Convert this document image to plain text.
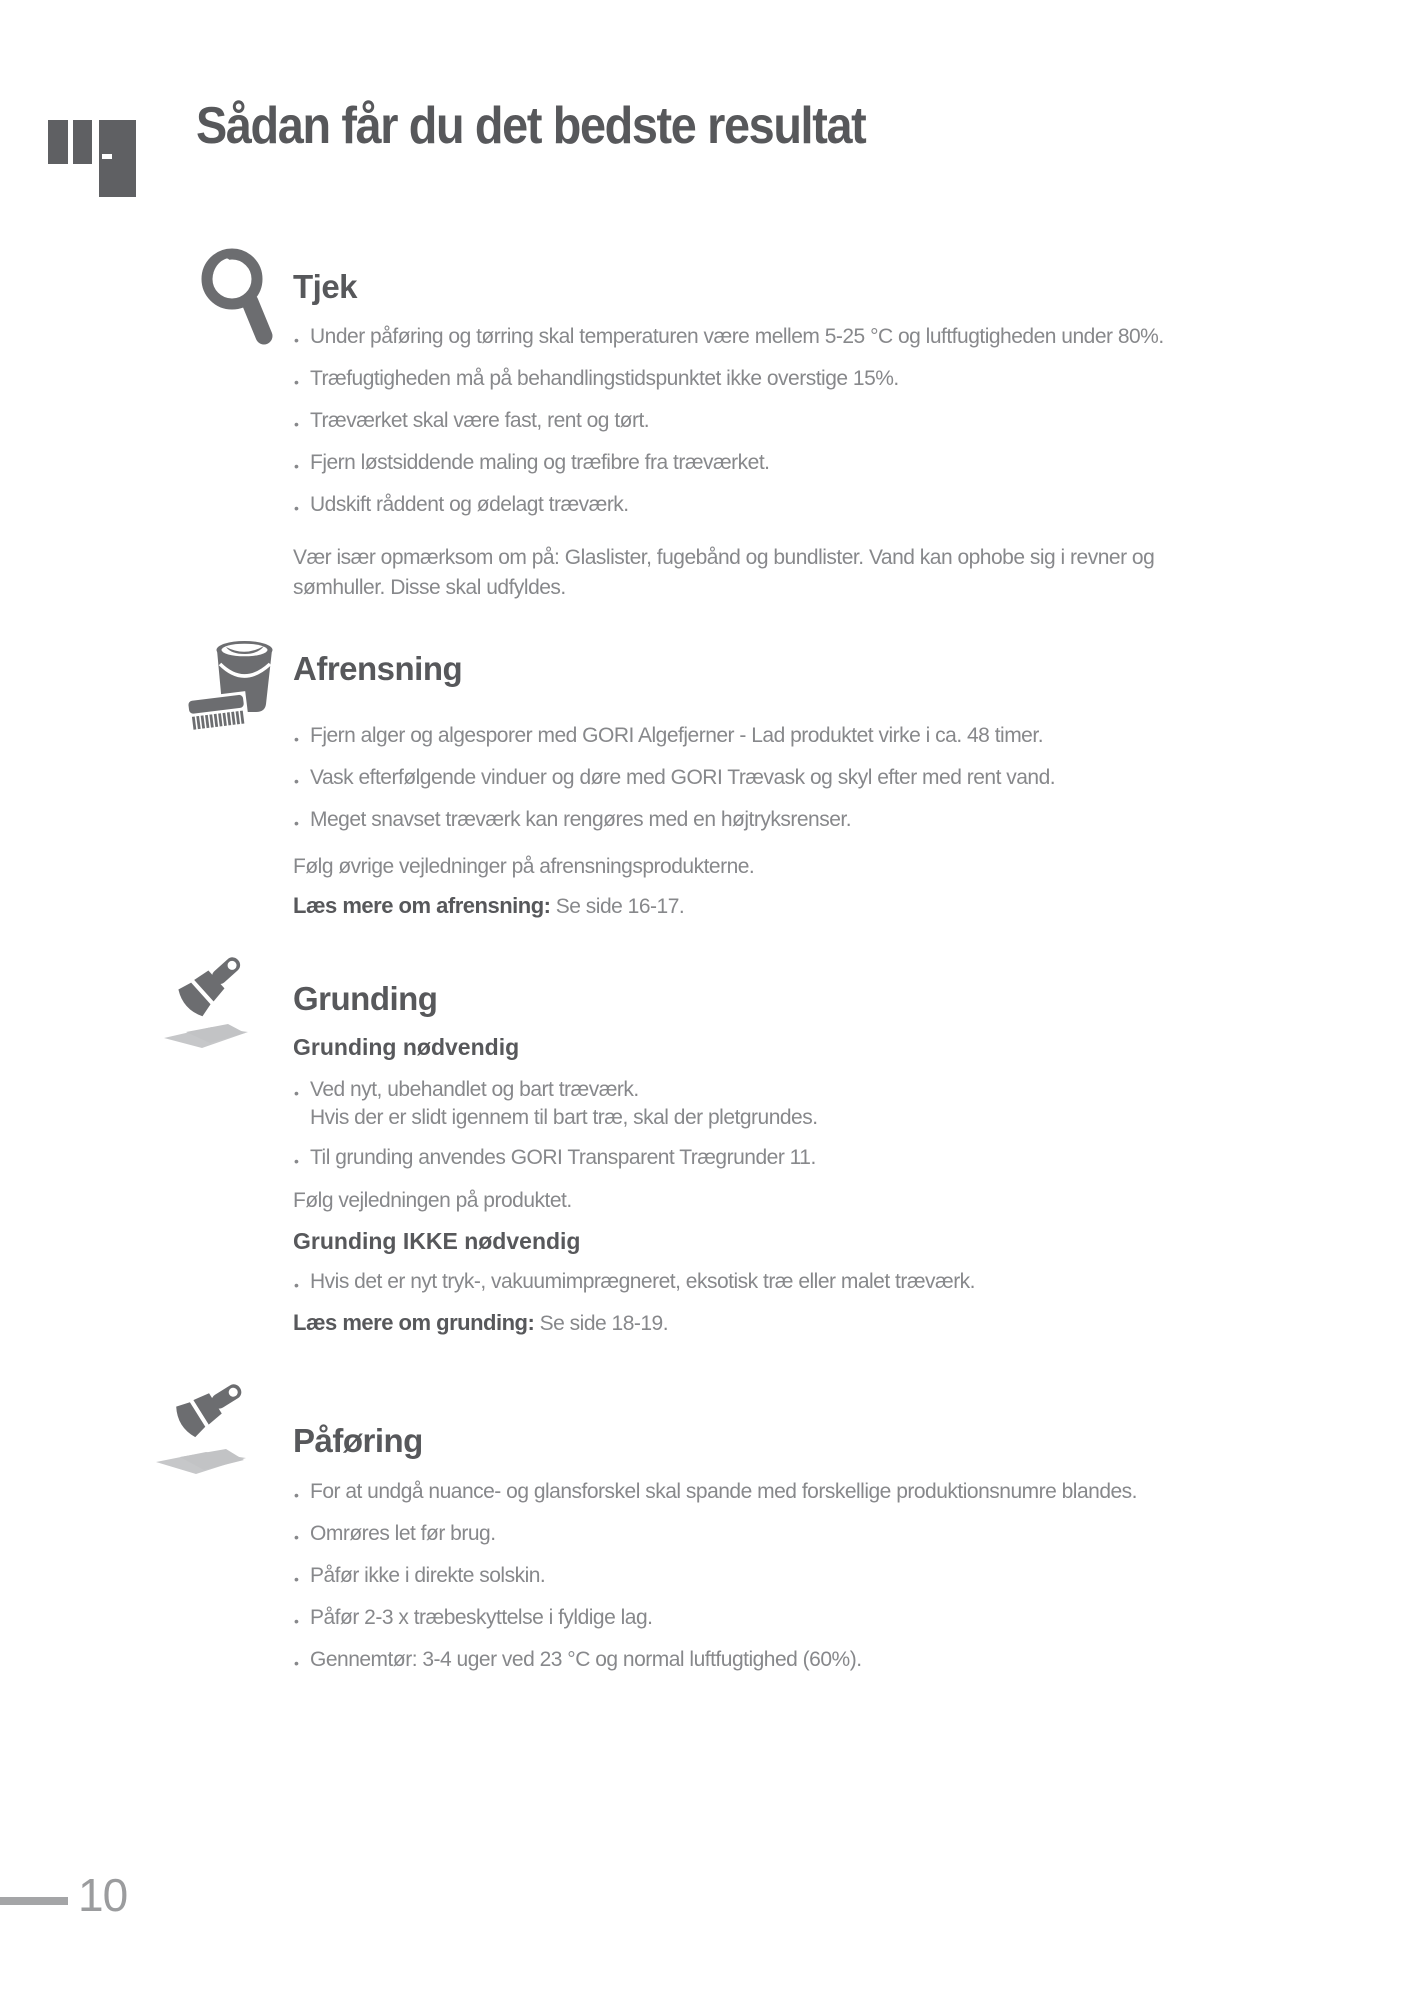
Sådan får du det bedste resultat
Tjek
• Under påføring og tørring skal temperaturen være mellem 5-25 °C og luftfugtigheden under 80%.
• Træfugtigheden må på behandlingstidspunktet ikke overstige 15%.
• Træværket skal være fast, rent og tørt.
• Fjern løstsiddende maling og træfibre fra træværket.
• Udskift råddent og ødelagt træværk.
Vær især opmærksom om på: Glaslister, fugebånd og bundlister. Vand kan ophobe sig i revner og sømhuller. Disse skal udfyldes.
Afrensning
• Fjern alger og algesporer med GORI Algefjerner - Lad produktet virke i ca. 48 timer.
• Vask efterfølgende vinduer og døre med GORI Trævask og skyl efter med rent vand.
• Meget snavset træværk kan rengøres med en højtryksrenser.
Følg øvrige vejledninger på afrensningsprodukterne.
Læs mere om afrensning: Se side 16-17.
Grunding
Grunding nødvendig
• Ved nyt, ubehandlet og bart træværk.
Hvis der er slidt igennem til bart træ, skal der pletgrundes.
• Til grunding anvendes GORI Transparent Trægrunder 11.
Følg vejledningen på produktet.
Grunding IKKE nødvendig
• Hvis det er nyt tryk-, vakuumimprægneret, eksotisk træ eller malet træværk.
Læs mere om grunding: Se side 18-19.
Påføring
• For at undgå nuance- og glansforskel skal spande med forskellige produktionsnumre blandes.
• Omrøres let før brug.
• Påfør ikke i direkte solskin.
• Påfør 2-3 x træbeskyttelse i fyldige lag.
• Gennemtør: 3-4 uger ved 23 °C og normal luftfugtighed (60%).
10
